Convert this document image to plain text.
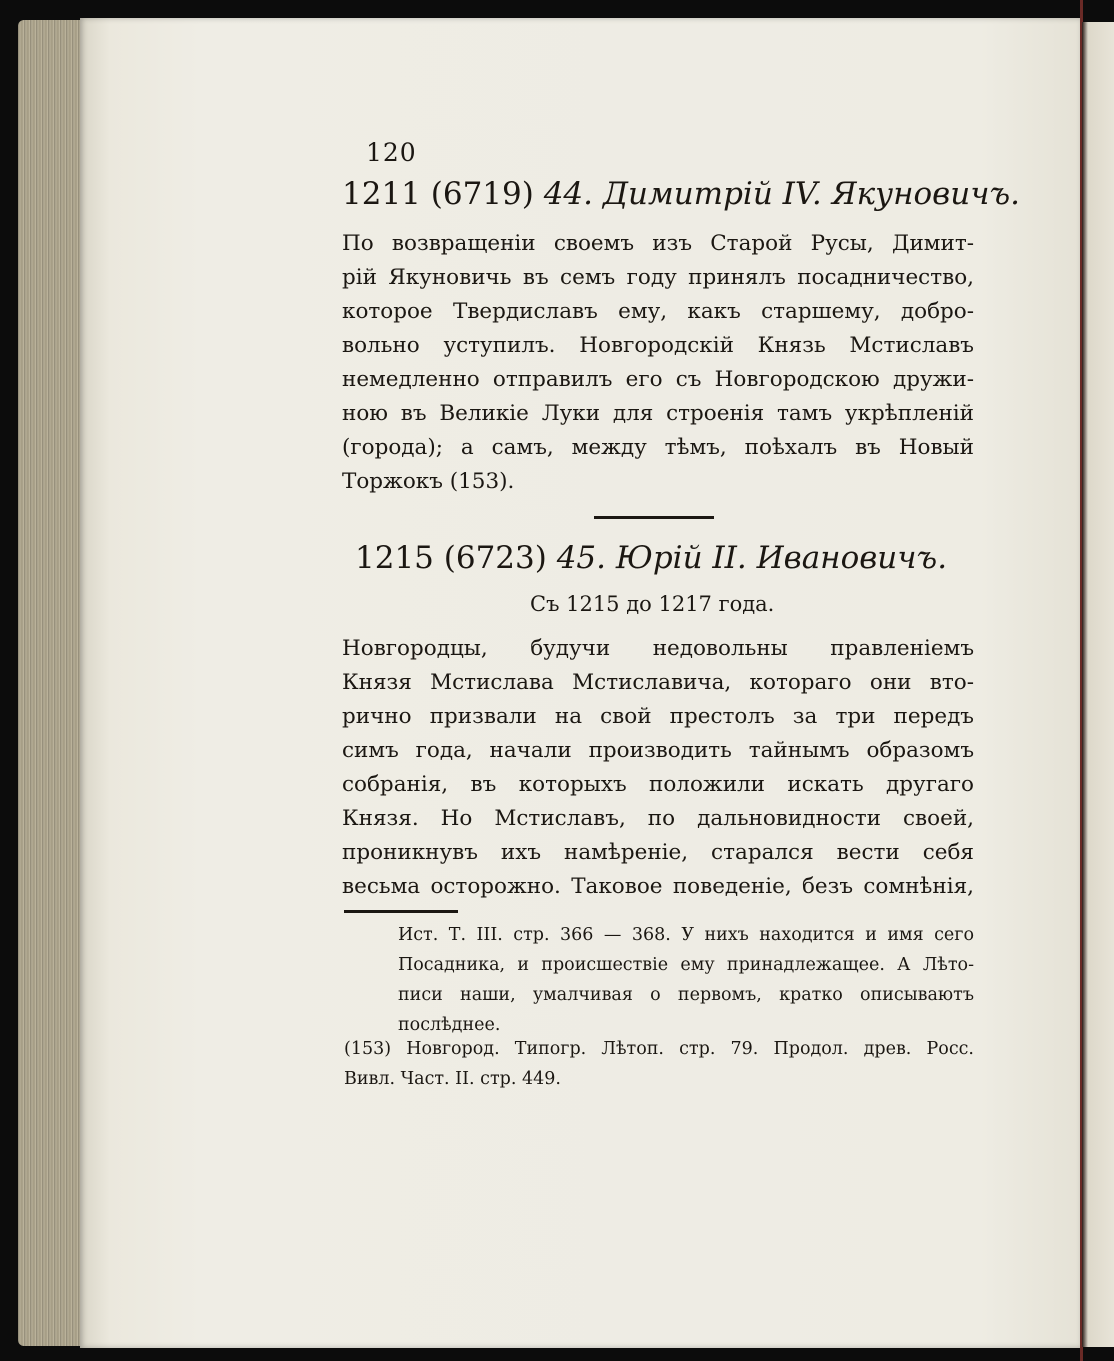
120
1211 (6719) 44. Димитрій IV. Якуновичъ.
По возвращеніи своемъ изъ Старой Русы, Димит-
рій Якуновичь въ семъ году принялъ посадничество,
которое Твердиславъ ему, какъ старшему, добро-
вольно уступилъ. Новгородскій Князь Мстиславъ
немедленно отправилъ его съ Новгородскою дружи-
ною въ Великіе Луки для строенія тамъ укрѣпленій
(города); а самъ, между тѣмъ, поѣхалъ въ Новый
Торжокъ (153).
1215 (6723) 45. Юрій II. Ивановичъ.
Съ 1215 до 1217 года.
Новгородцы, будучи недовольны правленіемъ
Князя Мстислава Мстиславича, котораго они вто-
рично призвали на свой престолъ за три передъ
симъ года, начали производить тайнымъ образомъ
собранія, въ которыхъ положили искать другаго
Князя. Но Мстиславъ, по дальновидности своей,
проникнувъ ихъ намѣреніе, старался вести себя
весьма осторожно. Таковое поведеніе, безъ сомнѣнія,
Ист. Т. III. стр. 366 — 368. У нихъ находится и имя сего
Посадника, и происшествіе ему принадлежащее. А Лѣто-
писи наши, умалчивая о первомъ, кратко описываютъ
послѣднее.
(153) Новгород. Типогр. Лѣтоп. стр. 79. Продол. древ. Росс.
Вивл. Част. II. стр. 449.
